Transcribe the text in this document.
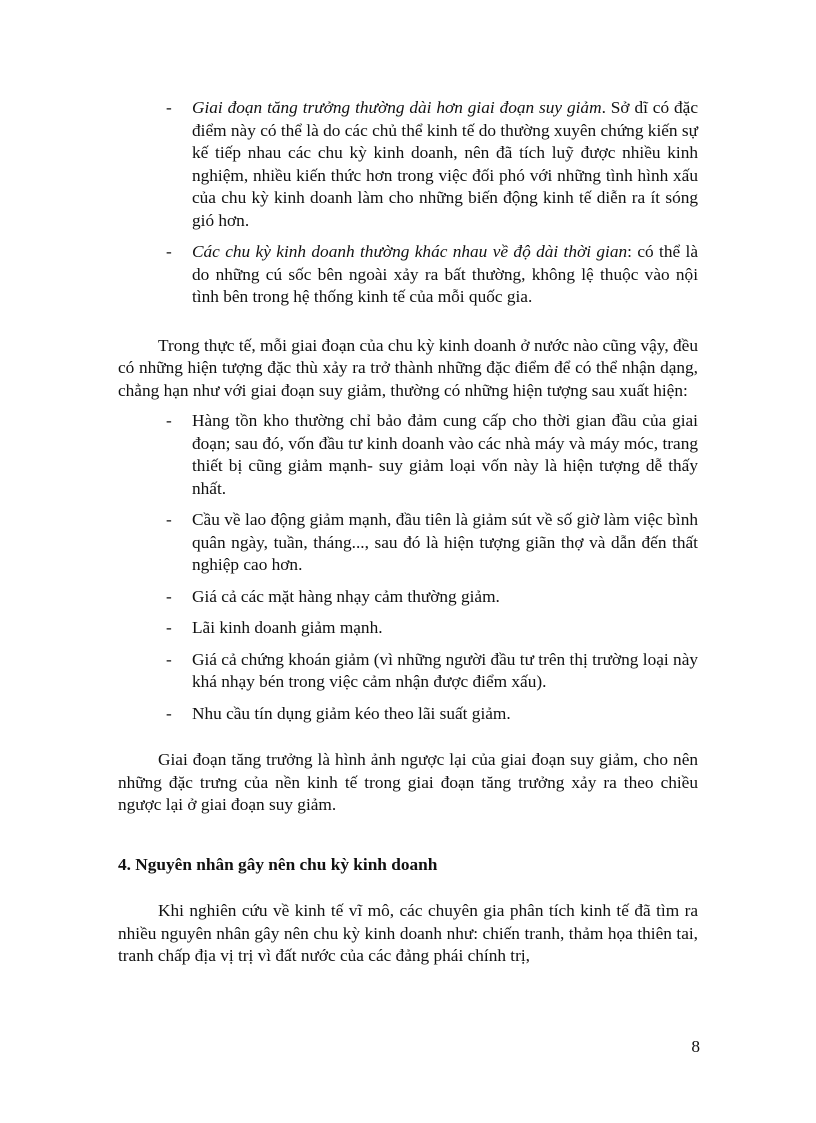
-	Giai đoạn tăng trưởng thường dài hơn giai đoạn suy giảm. Sở dĩ có đặc điểm này có thể là do các chủ thể kinh tế do thường xuyên chứng kiến sự kế tiếp nhau các chu kỳ kinh doanh, nên đã tích luỹ được nhiều kinh nghiệm, nhiều kiến thức hơn trong việc đối phó với những tình hình xấu của chu kỳ kinh doanh làm cho những biến động kinh tế diễn ra ít sóng gió hơn.
-	Các chu kỳ kinh doanh thường khác nhau về độ dài thời gian: có thể là do những cú sốc bên ngoài xảy ra bất thường, không lệ thuộc vào nội tình bên trong hệ thống kinh tế của mỗi quốc gia.

Trong thực tế, mỗi giai đoạn của chu kỳ kinh doanh ở nước nào cũng vậy, đều có những hiện tượng đặc thù xảy ra trở thành những đặc điểm để có thể nhận dạng, chẳng hạn như với giai đoạn suy giảm, thường có những hiện tượng sau xuất hiện:

-	Hàng tồn kho thường chỉ bảo đảm cung cấp cho thời gian đầu của giai đoạn; sau đó, vốn đầu tư kinh doanh vào các nhà máy và máy móc, trang thiết bị cũng giảm mạnh- suy giảm loại vốn này là hiện tượng dễ thấy nhất.
-	Cầu về lao động giảm mạnh, đầu tiên là giảm sút về số giờ làm việc bình quân ngày, tuần, tháng..., sau đó là hiện tượng giãn thợ và dẫn đến thất nghiệp cao hơn.
-	Giá cả các mặt hàng nhạy cảm thường giảm.
-	Lãi kinh doanh giảm mạnh.
-	Giá cả chứng khoán giảm (vì những người đầu tư trên thị trường loại này khá nhạy bén trong việc cảm nhận được điểm xấu).
-	Nhu cầu tín dụng giảm kéo theo lãi suất giảm.

Giai đoạn tăng trưởng là hình ảnh ngược lại của giai đoạn suy giảm, cho nên những đặc trưng của nền kinh tế trong giai đoạn tăng trưởng xảy ra theo chiều ngược lại ở giai đoạn suy giảm.

4. Nguyên nhân gây nên chu kỳ kinh doanh

Khi nghiên cứu về kinh tế vĩ mô, các chuyên gia phân tích kinh tế đã tìm ra nhiều nguyên nhân gây nên chu kỳ kinh doanh như: chiến tranh, thảm họa thiên tai, tranh chấp địa vị trị vì đất nước của các đảng phái chính trị,

8
